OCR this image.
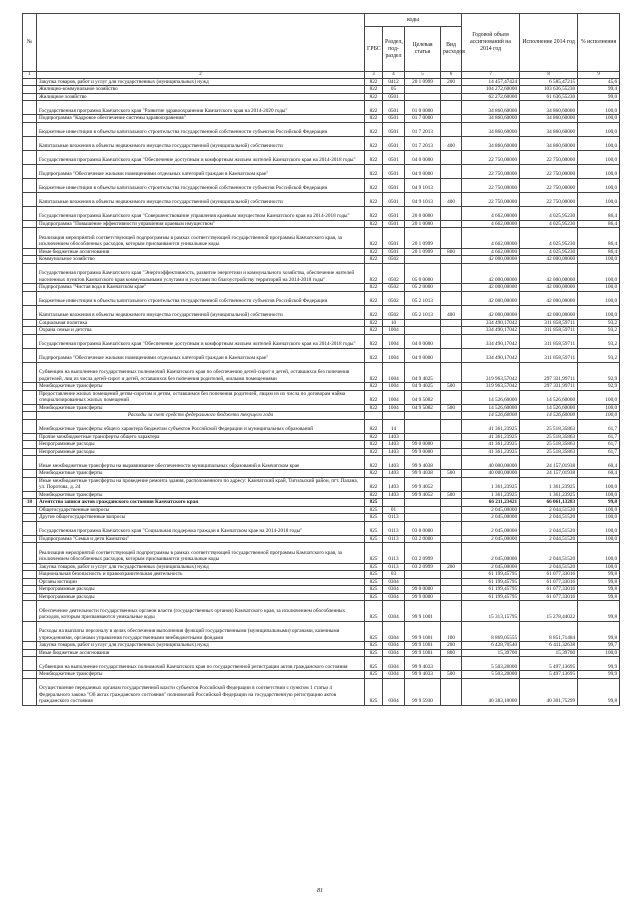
№		коды				Годовой объем ассигнований на 2014 год	Исполнение 2014 год	% исполнения
		ГРБС	Раздел, под-раздел	Целевая статья	Вид расходов			
1	2	3	4	5	6	7	8	9
	Закупка товаров, работ и услуг для государственных (муниципальных) нужд	822	0412	20 1 0999	200	14 457,47424	6 585,47215	45,6
	Жилищно-коммунальное хозяйство	822	05			104 272,60000	103 636,55230	99,4
	Жилищное хозяйство	822	0501			62 272,60000	61 636,55230	99,0
	Государственная программа Камчатского края "Развитие здравоохранения Камчатского края на 2014-2020 годы"	822	0501	01 0 0000		34 860,60000	34 860,60000	100,0
	Подпрограмма "Кадровое обеспечение системы здравоохранения"	822	0501	01 7 0000		34 860,60000	34 860,60000	100,0
	Бюджетные инвестиции в объекты капитального строительства государственной собственности субъектов Российской Федерации	822	0501	01 7 2013		34 860,60000	34 860,60000	100,0
	Капитальные вложения в объекты недвижимого имущества государственной (муниципальной) собственности	822	0501	01 7 2013	400	34 860,60000	34 860,60000	100,0
	Государственная программа Камчатского края "Обеспечение доступным и комфортным жильем жителей Камчатского края на 2014-2018 годы"	822	0501	04 0 0000		22 750,00000	22 750,00000	100,0
	Подпрограмма "Обеспечение жилыми помещениями отдельных категорий граждан в Камчатском крае"	822	0501	04 9 0000		22 750,00000	22 750,00000	100,0
	Бюджетные инвестиции в объекты капитального строительства государственной собственности субъектов Российской Федерации	822	0501	04 9 1013		22 750,00000	22 750,00000	100,0
	Капитальные вложения в объекты недвижимого имущества государственной (муниципальной) собственности	822	0501	04 9 1013	400	22 750,00000	22 750,00000	100,0
	Государственная программа Камчатского края "Совершенствование управления краевым имуществом Камчатского края на 2014-2018 годы"	822	0501	20 0 0000		4 662,00000	4 025,95230	86,4
	Подпрограмма "Повышение эффективности управления краевым имуществом"	822	0501	20 1 0000		4 662,00000	4 025,95230	86,4
	Реализация мероприятий соответствующей подпрограммы в рамках соответствующей государственной программы Камчатского края, за исключением обособленных расходов, которым присваиваются уникальные коды	822	0501	20 1 0999		4 662,00000	4 025,95230	86,4
	Иные бюджетные ассигнования	822	0501	20 1 0999	800	4 662,00000	4 025,95230	86,4
	Коммунальное хозяйство	822	0502			42 000,00000	42 000,00000	100,0
	Государственная программа Камчатского края "Энергоэффективность, развитие энергетики и коммунального хозяйства, обеспечение жителей населенных пунктов Камчатского края коммунальными услугами и услугами по благоустройству территорий на 2014-2018 годы"	822	0502	05 0 0000		42 000,00000	42 000,00000	100,0
	Подпрограмма "Чистая вода в Камчатском крае"	822	0502	05 2 0000		42 000,00000	42 000,00000	100,0
	Бюджетные инвестиции в объекты капитального строительства государственной собственности субъектов Российской Федерации	822	0502	05 2 1013		42 000,00000	42 000,00000	100,0
	Капитальные вложения в объекты недвижимого имущества государственной (муниципальной) собственности	822	0502	05 2 1013	400	42 000,00000	42 000,00000	100,0
	Социальная политика	822	10			334 490,17042	311 858,59711	93,2
	Охрана семьи и детства	822	1004			334 490,17042	311 858,59711	93,2
	Государственная программа Камчатского края "Обеспечение доступным и комфортным жильем жителей Камчатского края на 2014-2018 годы"	822	1004	04 0 0000		334 490,17042	311 858,59711	93,2
	Подпрограмма "Обеспечение жилыми помещениями отдельных категорий граждан в Камчатском крае"	822	1004	04 9 0000		334 490,17042	311 858,59711	93,2
	Субвенции на выполнение государственных полномочий Камчатского края по обеспечению детей-сирот и детей, оставшихся без попечения родителей, лиц из числа детей-сирот и детей, оставшихся без попечения родителей, жилыми помещениями	822	1004	04 9 4025		319 963,57042	297 331,99711	92,9
	Межбюджетные трансферты	822	1004	04 9 4025	500	319 963,57042	297 331,99711	92,9
	Предоставление жилых помещений детям-сиротам и детям, оставшимся без попечения родителей, лицам из их числа по договорам найма специализированных жилых помещений	822	1004	04 9 5082		14 526,60000	14 526,60000	100,0
	Межбюджетные трансферты	822	1004	04 9 5082	500	14 526,60000	14 526,60000	100,0
	Расходы за счет средств федерального бюджета текущего года					14 526,60000	14 526,60000	100,0
	Межбюджетные трансферты общего характера бюджетам субъектов Российской Федерации и муниципальных образований	822	14			41 361,23925	25 518,35863	61,7
	Прочие межбюджетные трансферты общего характера	822	1403			41 361,23925	25 518,35863	61,7
	Непрограммные расходы	822	1403	99 0 0000		41 361,23925	25 518,35863	61,7
	Непрограммные расходы	822	1403	99 9 0000		41 361,23925	25 518,35863	61,7
	Иные межбюджетные трансферты на выравнивание обеспеченности муниципальных образований в Камчатском крае	822	1403	99 9 4038		40 000,00000	24 157,01938	60,4
	Межбюджетные трансферты	822	1403	99 9 4038	500	40 000,00000	24 157,01938	60,4
	Иные межбюджетные трансферты на проведение ремонта здания, расположенного по адресу: Камчатский край, Тигильский район, пгт. Палана, ул. Поротова, д. 24	822	1403	99 9 4052		1 361,23925	1 361,23925	100,0
	Межбюджетные трансферты	822	1403	99 9 4052	500	1 361,23925	1 361,23925	100,0
18	Агентство записи актов гражданского состояния Камчатского края	825				66 211,23421	66 061,13283	99,8
	Общегосударственные вопросы	825	01			2 045,00000	2 044,51520	100,0
	Другие общегосударственные вопросы	825	0113			2 045,00000	2 044,51520	100,0
	Государственная программа Камчатского края "Социальная поддержка граждан в Камчатском крае на 2014-2018 годы"	825	0113	03 0 0000		2 045,00000	2 044,51520	100,0
	Подпрограмма "Семья и дети Камчатки"	825	0113	03 2 0000		2 045,00000	2 044,51520	100,0
	Реализация мероприятий соответствующей подпрограммы в рамках соответствующей государственной программы Камчатского края, за исключением обособленных расходов, которым присваиваются уникальные коды	825	0113	03 2 0999		2 045,00000	2 044,51520	100,0
	Закупка товаров, работ и услуг для государственных (муниципальных) нужд	825	0113	03 2 0999	200	2 045,00000	2 044,51520	100,0
	Национальная безопасность и правоохранительная деятельность	825	03			61 199,45795	61 077,33016	99,8
	Органы юстиции	825	0304			61 199,45795	61 077,33016	99,8
	Непрограммные расходы	825	0304	99 0 0000		61 199,45795	61 077,33016	99,8
	Непрограммные расходы	825	0304	99 9 0000		61 199,45795	61 077,33016	99,8
	Обеспечение деятельности государственных органов власти (государственных органов) Камчатского края, за исключением обособленных расходов, которым присваиваются уникальные коды	825	0304	99 9 1001		15 313,15795	15 278,44022	99,8
	Расходы на выплаты персоналу в целях обеспечения выполнения функций государственными (муниципальными) органами, казенными учреждениями, органами управления государственными внебюджетными фондами	825	0304	99 9 1001	100	8 869,05555	8 851,71484	99,8
	Закупка товаров, работ и услуг для государственных (муниципальных) нужд	825	0304	99 9 1001	200	6 428,70540	6 411,32638	99,7
	Иные бюджетные ассигнования	825	0304	99 9 1001	800	15,39700	15,39700	100,0
	Субвенции на выполнение государственных полномочий Камчатского края по государственной регистрации актов гражданского состояния	825	0304	99 9 4033		5 503,20000	5 497,13695	99,9
	Межбюджетные трансферты	825	0304	99 9 4033	500	5 503,20000	5 497,13695	99,9
	Осуществление переданных органам государственной власти субъектов Российской Федерации в соответствии с пунктом 1 статьи 4 Федерального закона "Об актах гражданского состояния" полномочий Российской Федерации на государственную регистрацию актов гражданского состояния	825	0304	99 9 5930		40 383,10000	40 301,75299	99,8
81
